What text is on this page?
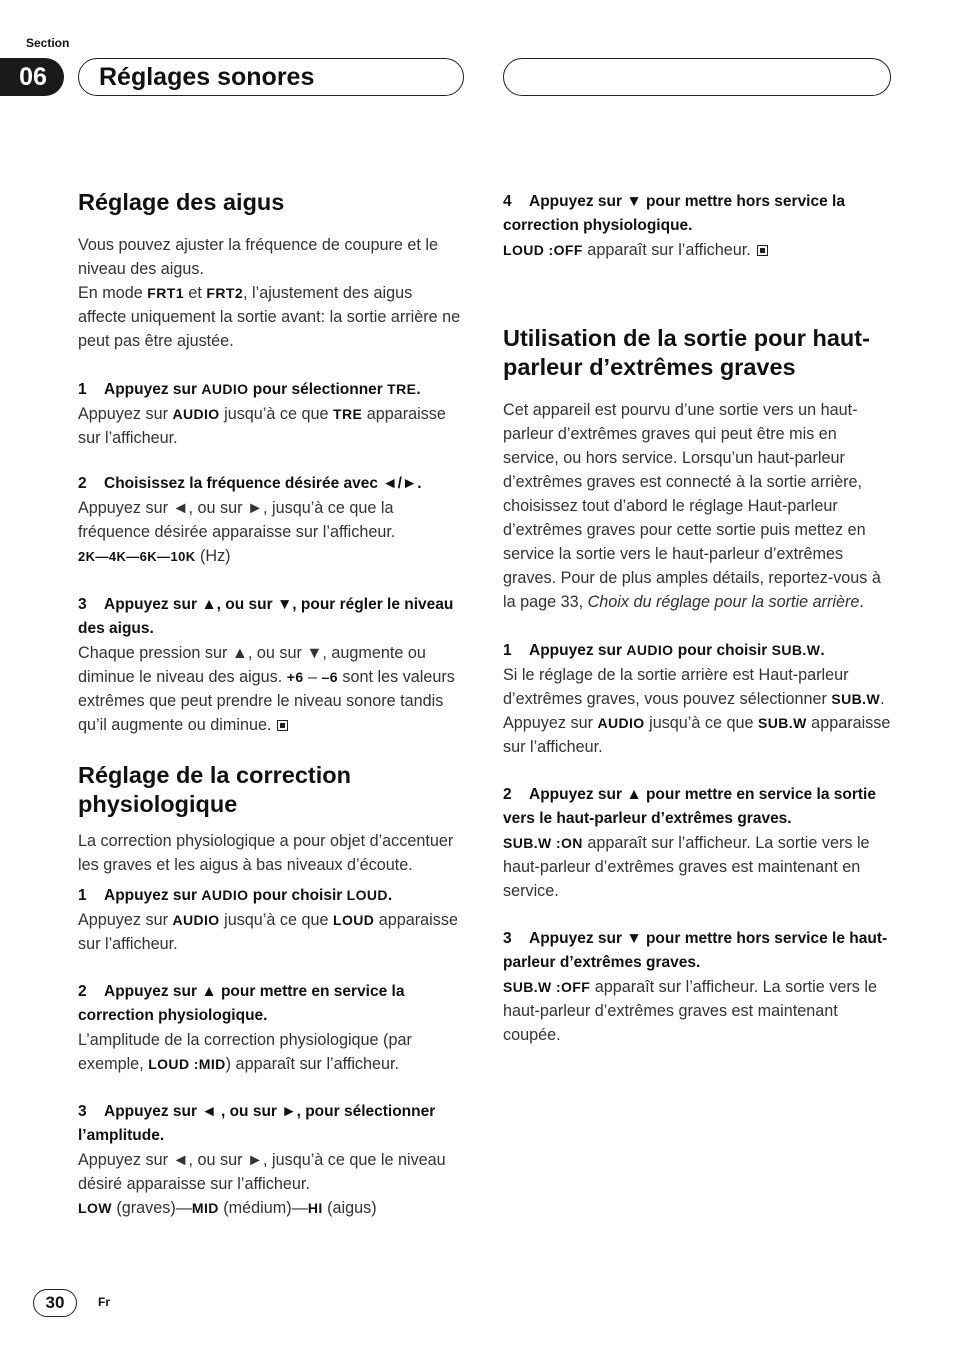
Section
06	Réglages sonores
Réglage des aigus

Vous pouvez ajuster la fréquence de coupure et le niveau des aigus.

En mode FRT1 et FRT2, l’ajustement des aigus affecte uniquement la sortie avant: la sortie arrière ne peut pas être ajustée.

1 Appuyez sur AUDIO pour sélectionner TRE.

Appuyez sur AUDIO jusqu’à ce que TRE apparaisse sur l’afficheur.

2 Choisissez la fréquence désirée avec ◄/►.

Appuyez sur ◄, ou sur ►, jusqu’à ce que la fréquence désirée apparaisse sur l’afficheur.

2K—4K—6K—10K (Hz)

3 Appuyez sur ▲, ou sur ▼, pour régler le niveau des aigus.

Chaque pression sur ▲, ou sur ▼, augmente ou diminue le niveau des aigus. +6 – –6 sont les valeurs extrêmes que peut prendre le niveau sonore tandis qu’il augmente ou diminue.

Réglage de la correction physiologique

La correction physiologique a pour objet d’accentuer les graves et les aigus à bas niveaux d’écoute.

1 Appuyez sur AUDIO pour choisir LOUD.

Appuyez sur AUDIO jusqu’à ce que LOUD apparaisse sur l’afficheur.

2 Appuyez sur ▲ pour mettre en service la correction physiologique.

L’amplitude de la correction physiologique (par exemple, LOUD :MID) apparaît sur l’afficheur.

3 Appuyez sur ◄ , ou sur ►, pour sélectionner l’amplitude.

Appuyez sur ◄, ou sur ►, jusqu’à ce que le niveau désiré apparaisse sur l’afficheur.

LOW (graves)—MID (médium)—HI (aigus)

4 Appuyez sur ▼ pour mettre hors service la correction physiologique.

LOUD :OFF apparaît sur l’afficheur.

Utilisation de la sortie pour haut-parleur d’extrêmes graves

Cet appareil est pourvu d’une sortie vers un haut-parleur d’extrêmes graves qui peut être mis en service, ou hors service. Lorsqu’un haut-parleur d’extrêmes graves est connecté à la sortie arrière, choisissez tout d’abord le réglage Haut-parleur d’extrêmes graves pour cette sortie puis mettez en service la sortie vers le haut-parleur d’extrêmes graves. Pour de plus amples détails, reportez-vous à la page 33, Choix du réglage pour la sortie arrière.

1 Appuyez sur AUDIO pour choisir SUB.W.

Si le réglage de la sortie arrière est Haut-parleur d’extrêmes graves, vous pouvez sélectionner SUB.W. Appuyez sur AUDIO jusqu’à ce que SUB.W apparaisse sur l’afficheur.

2 Appuyez sur ▲ pour mettre en service la sortie vers le haut-parleur d’extrêmes graves.

SUB.W :ON apparaît sur l’afficheur. La sortie vers le haut-parleur d’extrêmes graves est maintenant en service.

3 Appuyez sur ▼ pour mettre hors service le haut-parleur d’extrêmes graves.

SUB.W :OFF apparaît sur l’afficheur. La sortie vers le haut-parleur d’extrêmes graves est maintenant coupée.

30	Fr
